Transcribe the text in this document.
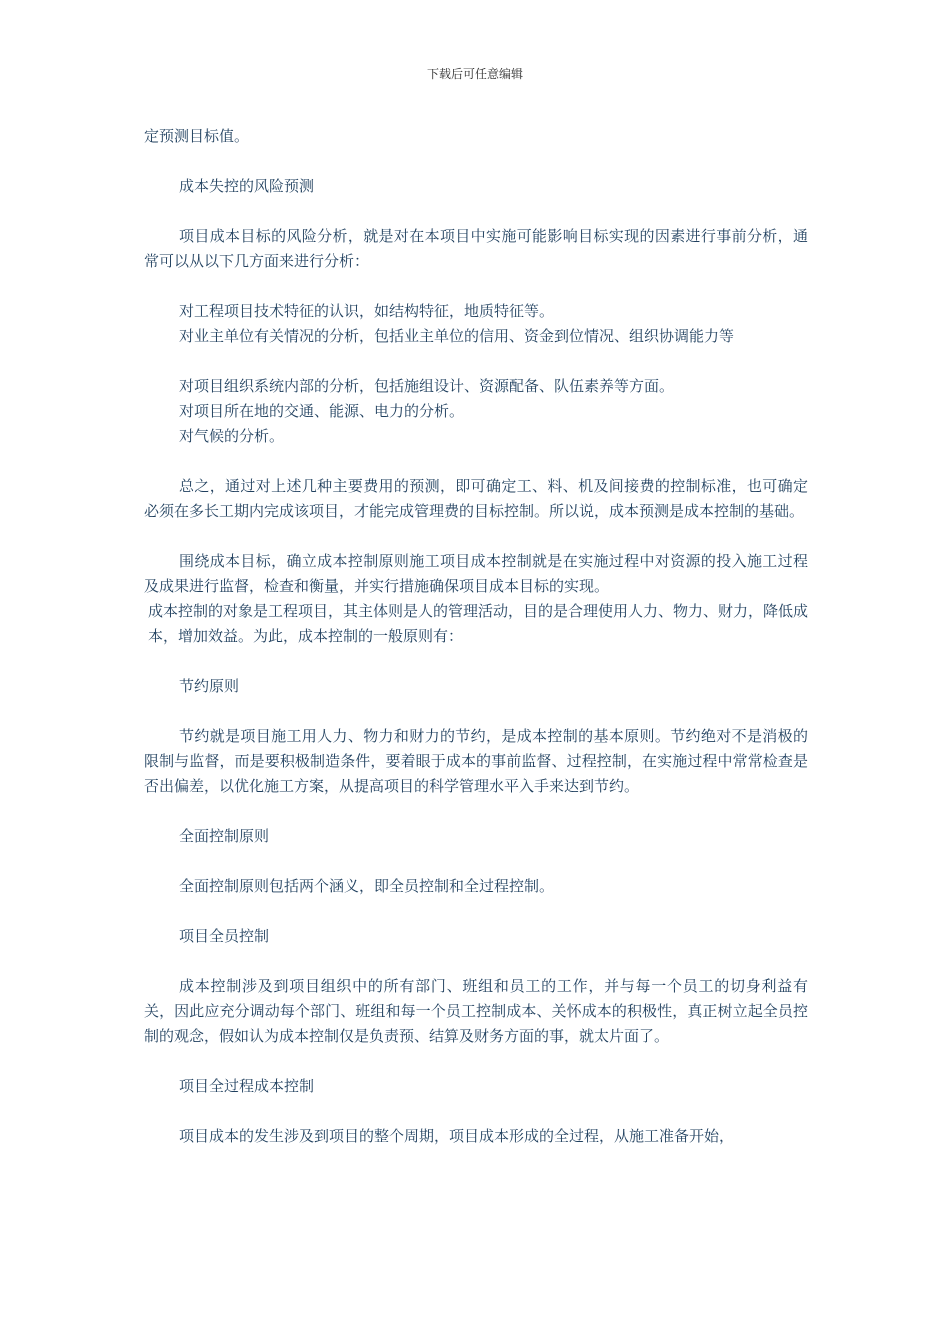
下载后可任意编辑

定预测目标值。

成本失控的风险预测

项目成本目标的风险分析，就是对在本项目中实施可能影响目标实现的因素进行事前分析，通常可以从以下几方面来进行分析：

对工程项目技术特征的认识，如结构特征，地质特征等。

对业主单位有关情况的分析，包括业主单位的信用、资金到位情况、组织协调能力等

对项目组织系统内部的分析，包括施组设计、资源配备、队伍素养等方面。

对项目所在地的交通、能源、电力的分析。

对气候的分析。

总之，通过对上述几种主要费用的预测，即可确定工、料、机及间接费的控制标准，也可确定必须在多长工期内完成该项目，才能完成管理费的目标控制。所以说，成本预测是成本控制的基础。

围绕成本目标，确立成本控制原则施工项目成本控制就是在实施过程中对资源的投入施工过程及成果进行监督，检查和衡量，并实行措施确保项目成本目标的实现。

成本控制的对象是工程项目，其主体则是人的管理活动，目的是合理使用人力、物力、财力，降低成本，增加效益。为此，成本控制的一般原则有：

节约原则

节约就是项目施工用人力、物力和财力的节约，是成本控制的基本原则。节约绝对不是消极的限制与监督，而是要积极制造条件，要着眼于成本的事前监督、过程控制，在实施过程中常常检查是否出偏差，以优化施工方案，从提高项目的科学管理水平入手来达到节约。

全面控制原则

全面控制原则包括两个涵义，即全员控制和全过程控制。

项目全员控制

成本控制涉及到项目组织中的所有部门、班组和员工的工作，并与每一个员工的切身利益有关，因此应充分调动每个部门、班组和每一个员工控制成本、关怀成本的积极性，真正树立起全员控制的观念，假如认为成本控制仅是负责预、结算及财务方面的事，就太片面了。

项目全过程成本控制

项目成本的发生涉及到项目的整个周期，项目成本形成的全过程，从施工准备开始，
